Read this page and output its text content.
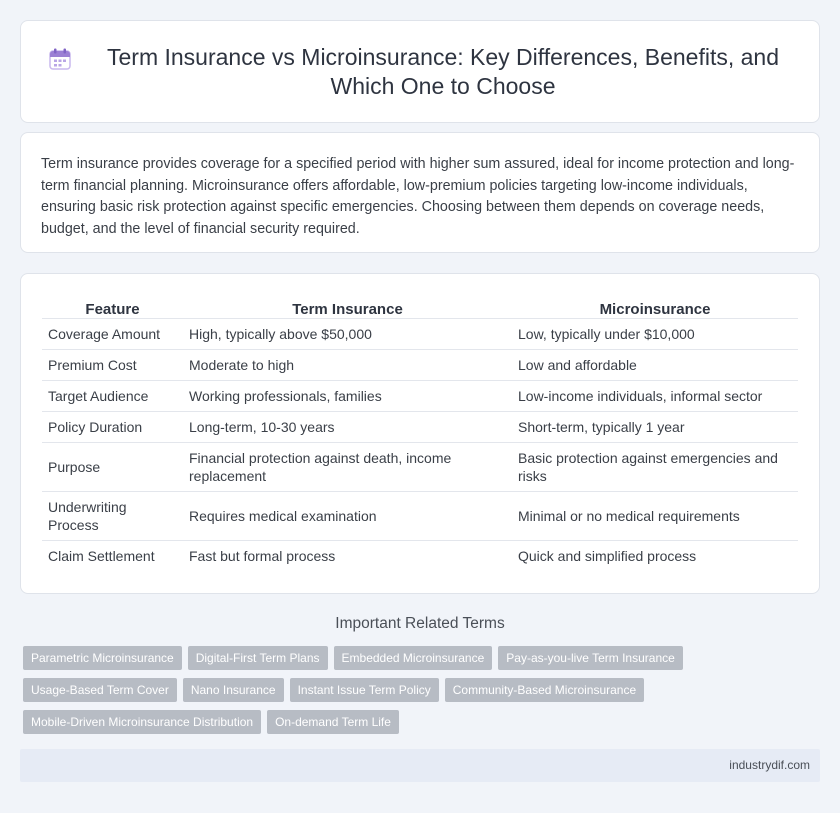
Term Insurance vs Microinsurance: Key Differences, Benefits, and Which One to Choose

Term insurance provides coverage for a specified period with higher sum assured, ideal for income protection and long-term financial planning. Microinsurance offers affordable, low-premium policies targeting low-income individuals, ensuring basic risk protection against specific emergencies. Choosing between them depends on coverage needs, budget, and the level of financial security required.

Feature	Term Insurance	Microinsurance
Coverage Amount	High, typically above $50,000	Low, typically under $10,000
Premium Cost	Moderate to high	Low and affordable
Target Audience	Working professionals, families	Low-income individuals, informal sector
Policy Duration	Long-term, 10-30 years	Short-term, typically 1 year
Purpose	Financial protection against death, income replacement	Basic protection against emergencies and risks
Underwriting Process	Requires medical examination	Minimal or no medical requirements
Claim Settlement	Fast but formal process	Quick and simplified process
Important Related Terms
Parametric Microinsurance	Digital-First Term Plans	Embedded Microinsurance	Pay-as-you-live Term Insurance
Usage-Based Term Cover	Nano Insurance	Instant Issue Term Policy	Community-Based Microinsurance
Mobile-Driven Microinsurance Distribution	On-demand Term Life
industrydif.com
